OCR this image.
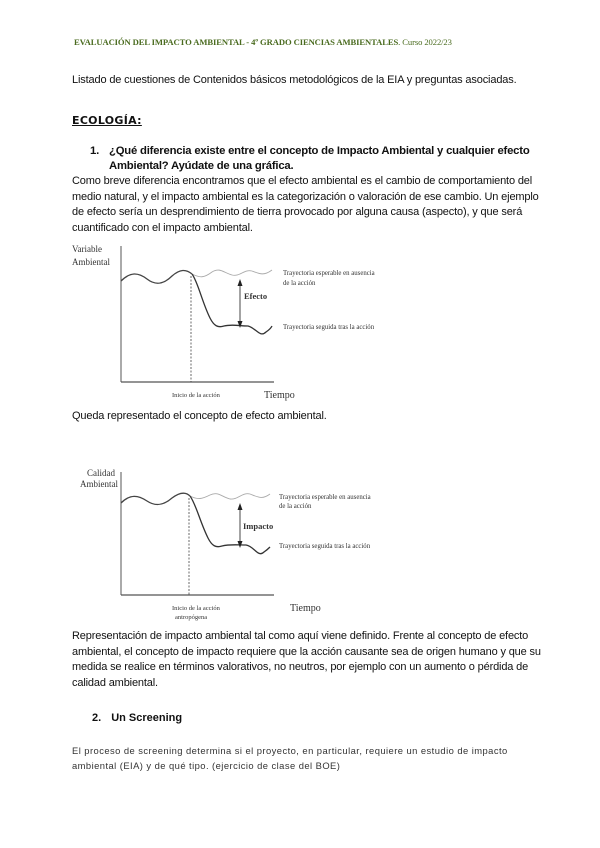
EVALUACIÓN DEL IMPACTO AMBIENTAL - 4º GRADO CIENCIAS AMBIENTALES. Curso 2022/23

Listado de cuestiones de Contenidos básicos metodológicos de la EIA y preguntas asociadas.

ECOLOGÍA:
1. ¿Qué diferencia existe entre el concepto de Impacto Ambiental y cualquier efecto Ambiental? Ayúdate de una gráfica.

Como breve diferencia encontramos que el efecto ambiental es el cambio de comportamiento del medio natural, y el impacto ambiental es la categorización o valoración de ese cambio. Un ejemplo de efecto sería un desprendimiento de tierra provocado por alguna causa (aspecto), y que será cuantificado con el impacto ambiental.

Variable
Ambiental
Efecto
Trayectoria esperable en ausencia
de la acción
Trayectoria seguida tras la acción
Inicio de la acción	Tiempo

Queda representado el concepto de efecto ambiental.

Calidad
Ambiental
Impacto
Trayectoria esperable en ausencia
de la acción
Trayectoria seguida tras la acción
Inicio de la acción
antropógena
Tiempo

Representación de impacto ambiental tal como aquí viene definido. Frente al concepto de efecto ambiental, el concepto de impacto requiere que la acción causante sea de origen humano y que su medida se realice en términos valorativos, no neutros, por ejemplo con un aumento o pérdida de calidad ambiental.

2. Un Screening

El proceso de screening determina si el proyecto, en particular, requiere un estudio de impacto ambiental (EIA) y de qué tipo. (ejercicio de clase del BOE)
